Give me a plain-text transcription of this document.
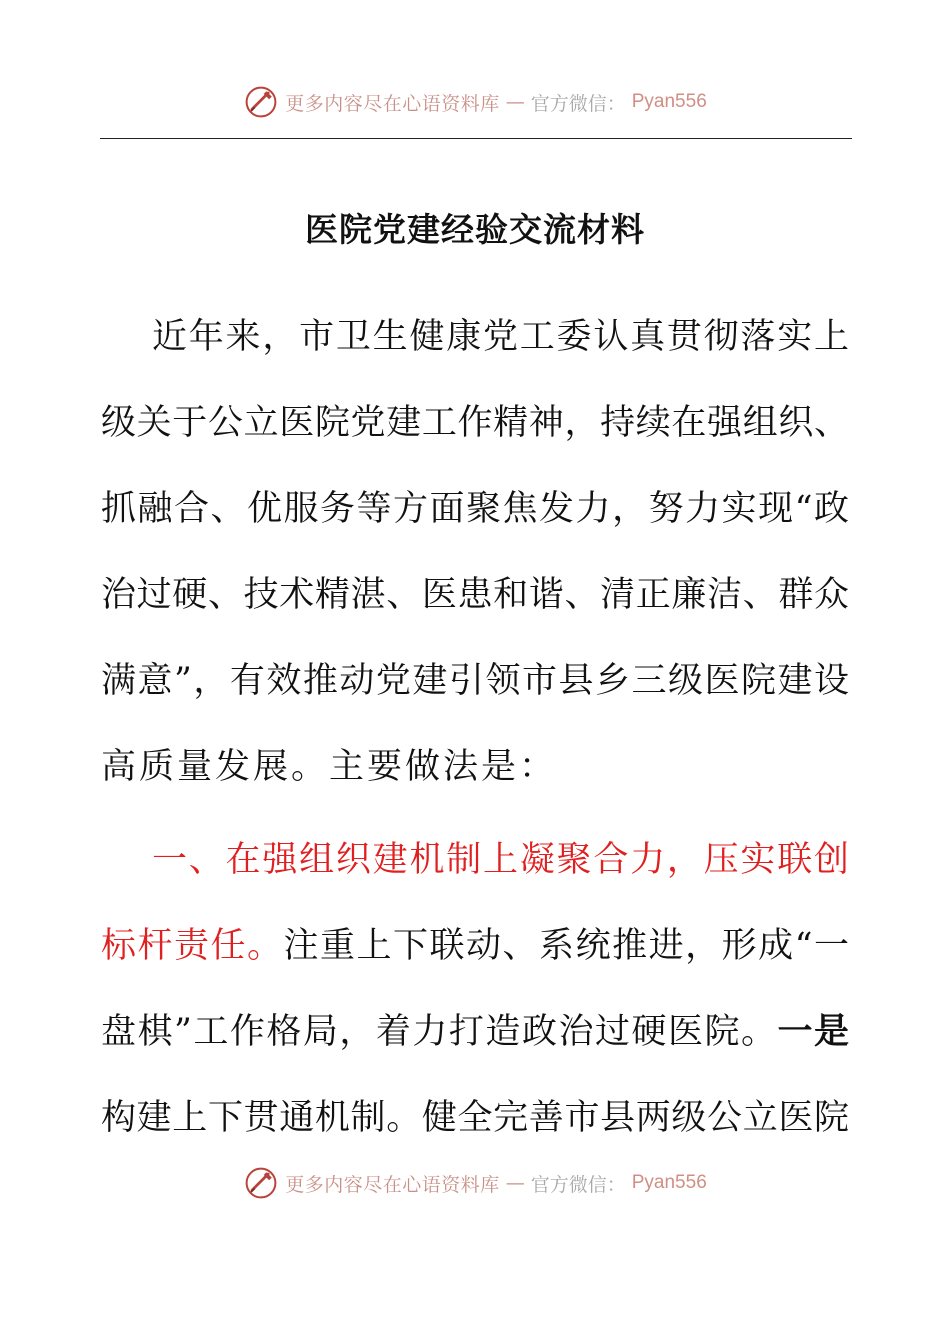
更多内容尽在心语资料库 — 官方微信： Pyan556
医院党建经验交流材料
近年来，市卫生健康党工委认真贯彻落实上
级关于公立医院党建工作精神，持续在强组织、
抓融合、优服务等方面聚焦发力，努力实现“政
治过硬、技术精湛、医患和谐、清正廉洁、群众
满意”，有效推动党建引领市县乡三级医院建设
高质量发展。主要做法是：
一、在强组织建机制上凝聚合力，压实联创
标杆责任。注重上下联动、系统推进，形成“一
盘棋”工作格局，着力打造政治过硬医院。一是
构建上下贯通机制。健全完善市县两级公立医院
更多内容尽在心语资料库 — 官方微信： Pyan556
